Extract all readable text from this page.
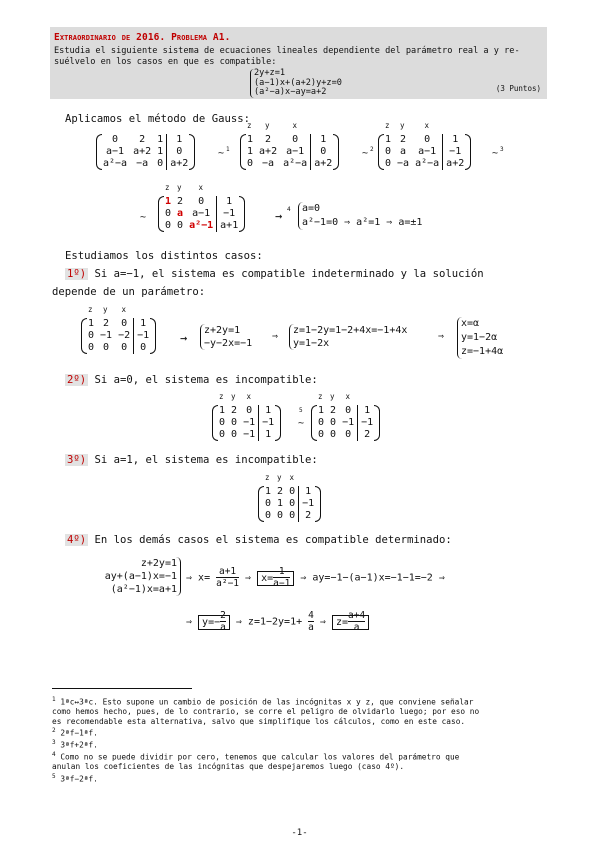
Extraordinario de 2016. Problema A1.
Estudia el siguiente sistema de ecuaciones lineales dependiente del parámetro real a y re-
suélvelo en los casos en que es compatible:
2y+z=1
(a−1)x+(a+2)y+z=0
(a²−a)x−ay=a+2	(3 Puntos)
Aplicamos el método de Gauss:
0	2	1	1
a−1	a+2	1	0
a²−a	−a	0	a+2
~ 1
1	2	0	1
1	a+2	a−1	0
0	−a	a²−a	a+2
z y	x
~ 2
1	2	0	1
0	a	a−1	−1
0	−a	a²−a	a+2
z y	x
~ 3
~
1	2	0	1
0	a	a−1	−1
0	0	a²−1	a+1
z y x
→ 4 a=0
a²−1=0 ⇒ a²=1 ⇒ a=±1
Estudiamos los distintos casos:
1º) Si a=−1, el sistema es compatible indeterminado y la solución
depende de un parámetro:
1	2	0	1
0	−1	−2	−1
0	0	0	0
z y x
→
z+2y=1
−y−2x=−1
⇒
z=1−2y=1−2+4x=−1+4x
y=1−2x
⇒
x=α
y=1−2α
z=−1+4α
2º) Si a=0, el sistema es incompatible:
1	2	0	1
0	0	−1	−1
0	0	−1	1
z y x
~
5 1	2	0	1
0	0	−1	−1
0	0	0	2
z y x
3º) Si a=1, el sistema es incompatible:
1	2	0	1
0	1	0	−1
0	0	0	2
z y x
4º) En los demás casos el sistema es compatible determinado:
z+2y=1
ay+(a−1)x=−1
(a²−1)x=a+1
⇒ $x= \frac{a+1}{\text{a²−1}}$ ⇒ $x= \frac{1}{a-1}$ ⇒ ay=−1−(a−1)x=−1−1=−2 ⇒
⇒ $y=- \frac{2}{a}$ ⇒ $z=1-2y=1+ \frac{4}{a}$ ⇒ $z= \frac{a+4}{a}$
$^1$ 1ªc↔3ªc. Esto supone un cambio de posición de las incógnitas x y z, que conviene señalar
como hemos hecho, pues, de lo contrario, se corre el peligro de olvidarlo luego; por eso no
es recomendable esta alternativa, salvo que simplifique los cálculos, como en este caso.
$^2$ 2ªf−1ªf.
$^3$ 3ªf+2ªf.
$^4$ Como no se puede dividir por cero, tenemos que calcular los valores del parámetro que
anulan los coeficientes de las incógnitas que despejaremos luego (caso 4º).
$^5$ 3ªf−2ªf.
-1-
